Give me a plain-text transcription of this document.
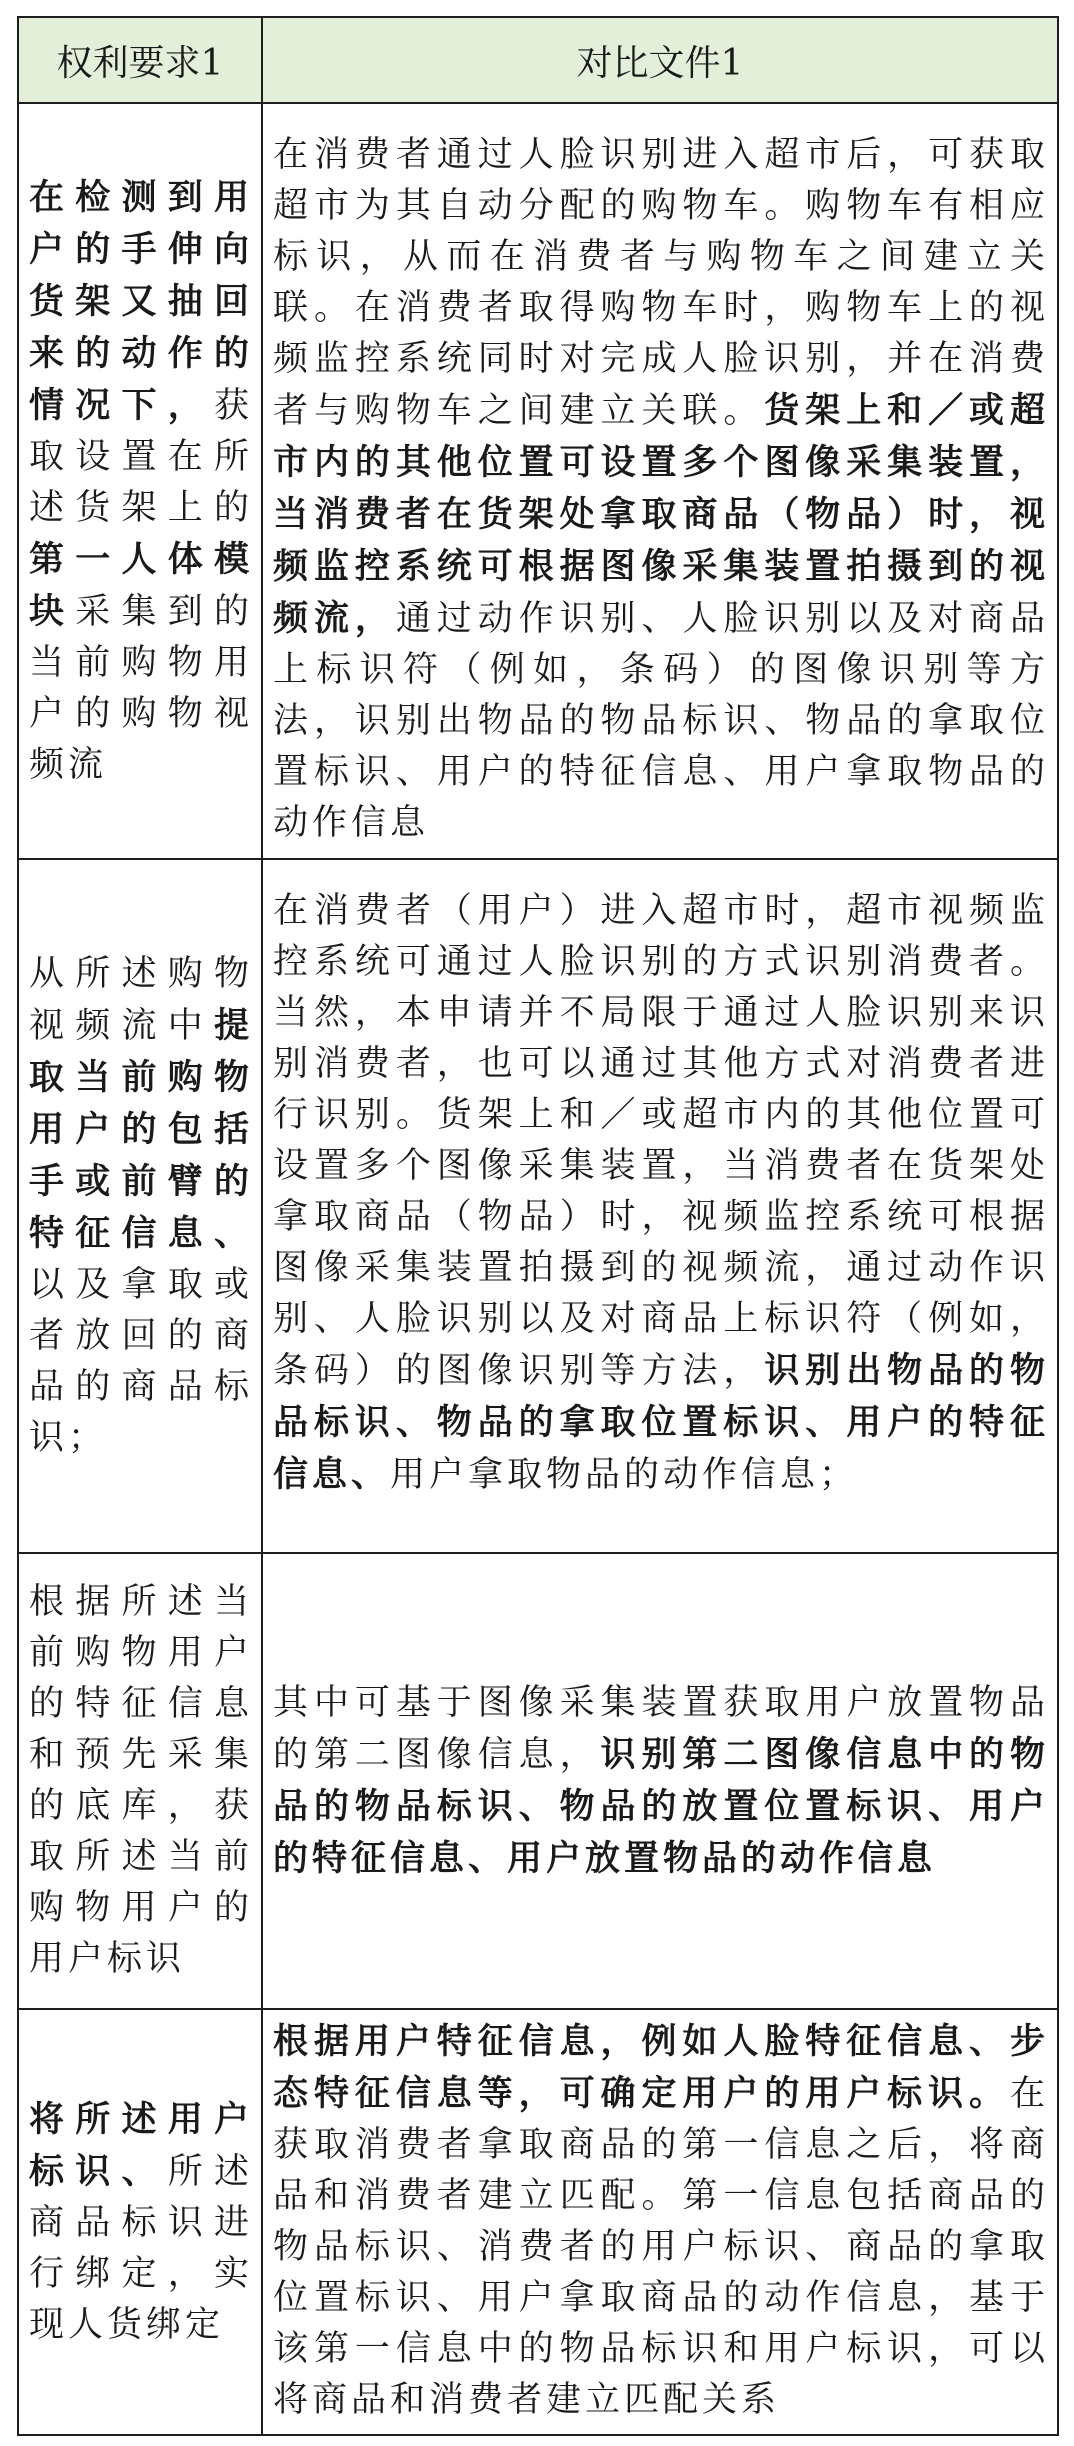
权利要求1	对比文件1
在检测到用户的手伸向货架又抽回来的动作的情况下，获取设置在所述货架上的第一人体模块采集到的当前购物用户的购物视频流	在消费者通过人脸识别进入超市后，可获取超市为其自动分配的购物车。购物车有相应标识，从而在消费者与购物车之间建立关联。在消费者取得购物车时，购物车上的视频监控系统同时对完成人脸识别，并在消费者与购物车之间建立关联。货架上和／或超市内的其他位置可设置多个图像采集装置，当消费者在货架处拿取商品（物品）时，视频监控系统可根据图像采集装置拍摄到的视频流，通过动作识别、人脸识别以及对商品上标识符（例如，条码）的图像识别等方法，识别出物品的物品标识、物品的拿取位置标识、用户的特征信息、用户拿取物品的动作信息
从所述购物视频流中提取当前购物用户的包括手或前臂的特征信息、以及拿取或者放回的商品的商品标识；	在消费者（用户）进入超市时，超市视频监控系统可通过人脸识别的方式识别消费者。当然，本申请并不局限于通过人脸识别来识别消费者，也可以通过其他方式对消费者进行识别。货架上和／或超市内的其他位置可设置多个图像采集装置，当消费者在货架处拿取商品（物品）时，视频监控系统可根据图像采集装置拍摄到的视频流，通过动作识别、人脸识别以及对商品上标识符（例如，条码）的图像识别等方法，识别出物品的物品标识、物品的拿取位置标识、用户的特征信息、用户拿取物品的动作信息；
根据所述当前购物用户的特征信息和预先采集的底库，获取所述当前购物用户的用户标识	其中可基于图像采集装置获取用户放置物品的第二图像信息，识别第二图像信息中的物品的物品标识、物品的放置位置标识、用户的特征信息、用户放置物品的动作信息
将所述用户标识、所述商品标识进行绑定，实现人货绑定	根据用户特征信息，例如人脸特征信息、步态特征信息等，可确定用户的用户标识。在获取消费者拿取商品的第一信息之后，将商品和消费者建立匹配。第一信息包括商品的物品标识、消费者的用户标识、商品的拿取位置标识、用户拿取商品的动作信息，基于该第一信息中的物品标识和用户标识，可以将商品和消费者建立匹配关系
